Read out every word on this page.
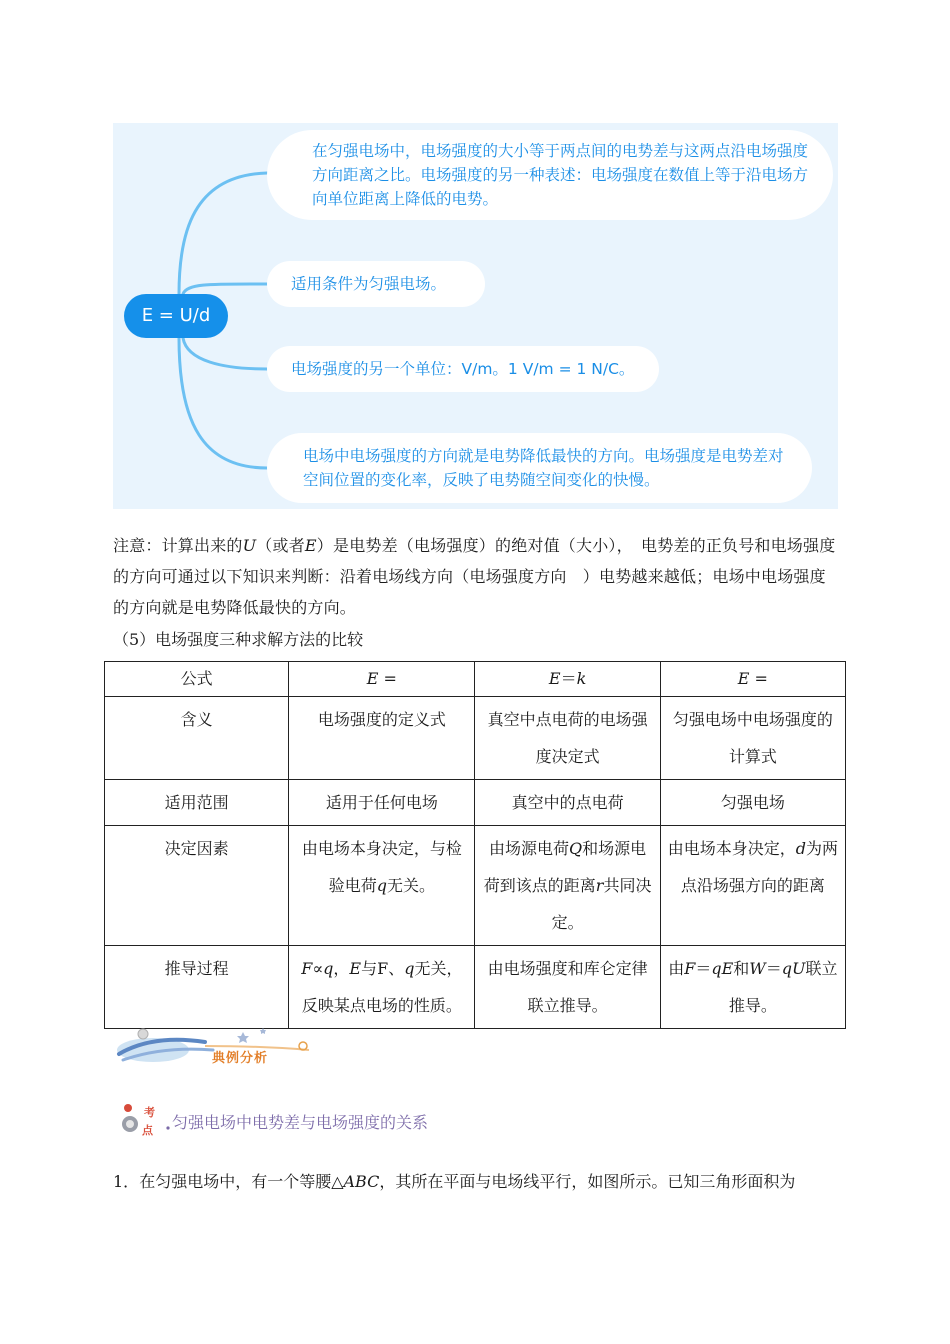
E = U/d
在匀强电场中，电场强度的大小等于两点间的电势差与这两点沿电场强度方向距离之比。电场强度的另一种表述：电场强度在数值上等于沿电场方向单位距离上降低的电势。
适用条件为匀强电场。
电场强度的另一个单位：V/m。1 V/m = 1 N/C。
电场中电场强度的方向就是电势降低最快的方向。电场强度是电势差对空间位置的变化率，反映了电势随空间变化的快慢。
注意：计算出来的U（或者E）是电势差（电场强度）的绝对值（大小），　电势差的正负号和电场强度的方向可通过以下知识来判断：沿着电场线方向（电场强度方向　）电势越来越低；电场中电场强度的方向就是电势降低最快的方向。
（5）电场强度三种求解方法的比较
公式	E =	E＝k	E =
含义	电场强度的定义式	真空中点电荷的电场强度决定式	匀强电场中电场强度的计算式
适用范围	适用于任何电场	真空中的点电荷	匀强电场
决定因素	由电场本身决定，与检验电荷q无关。	由场源电荷Q和场源电荷到该点的距离r共同决定。	由电场本身决定，d为两点沿场强方向的距离
推导过程	F∝q，E与F、q无关，反映某点电场的性质。	由电场强度和库仑定律联立推导。	由F＝qE和W＝qU联立推导。
典例分析
考
点 匀强电场中电势差与电场强度的关系
1．在匀强电场中，有一个等腰△ABC，其所在平面与电场线平行，如图所示。已知三角形面积为
